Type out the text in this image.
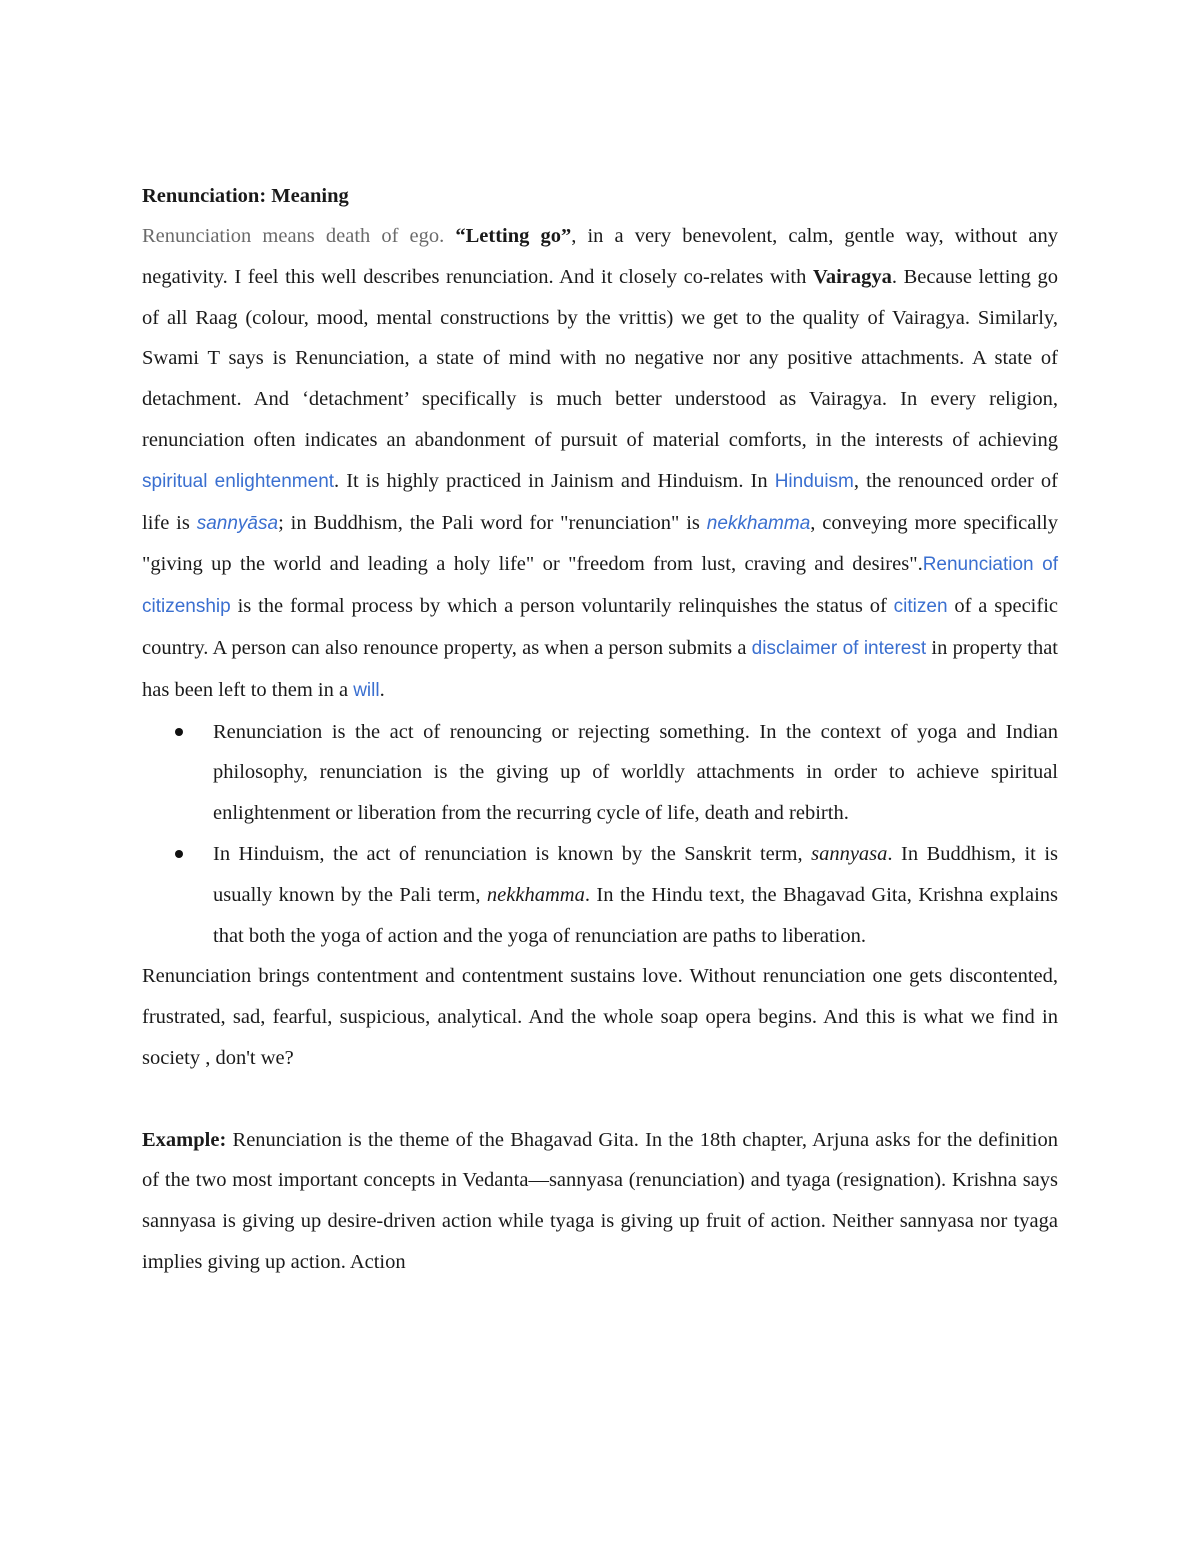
Renunciation: Meaning

Renunciation means death of ego. “Letting go”, in a very benevolent, calm, gentle way, without any negativity. I feel this well describes renunciation. And it closely co-relates with Vairagya. Because letting go of all Raag (colour, mood, mental constructions by the vrittis) we get to the quality of Vairagya. Similarly, Swami T says is Renunciation, a state of mind with no negative nor any positive attachments. A state of detachment. And ‘detachment’ specifically is much better understood as Vairagya. In every religion, renunciation often indicates an abandonment of pursuit of material comforts, in the interests of achieving spiritual enlightenment. It is highly practiced in Jainism and Hinduism. In Hinduism, the renounced order of life is sannyāsa; in Buddhism, the Pali word for "renunciation" is nekkhamma, conveying more specifically "giving up the world and leading a holy life" or "freedom from lust, craving and desires".Renunciation of citizenship is the formal process by which a person voluntarily relinquishes the status of citizen of a specific country. A person can also renounce property, as when a person submits a disclaimer of interest in property that has been left to them in a will.

Renunciation is the act of renouncing or rejecting something. In the context of yoga and Indian philosophy, renunciation is the giving up of worldly attachments in order to achieve spiritual enlightenment or liberation from the recurring cycle of life, death and rebirth.
In Hinduism, the act of renunciation is known by the Sanskrit term, sannyasa. In Buddhism, it is usually known by the Pali term, nekkhamma. In the Hindu text, the Bhagavad Gita, Krishna explains that both the yoga of action and the yoga of renunciation are paths to liberation.

Renunciation brings contentment and contentment sustains love. Without renunciation one gets discontented, frustrated, sad, fearful, suspicious, analytical. And the whole soap opera begins. And this is what we find in society , don't we?

Example: Renunciation is the theme of the Bhagavad Gita. In the 18th chapter, Arjuna asks for the definition of the two most important concepts in Vedanta—sannyasa (renunciation) and tyaga (resignation). Krishna says sannyasa is giving up desire-driven action while tyaga is giving up fruit of action. Neither sannyasa nor tyaga implies giving up action. Action
